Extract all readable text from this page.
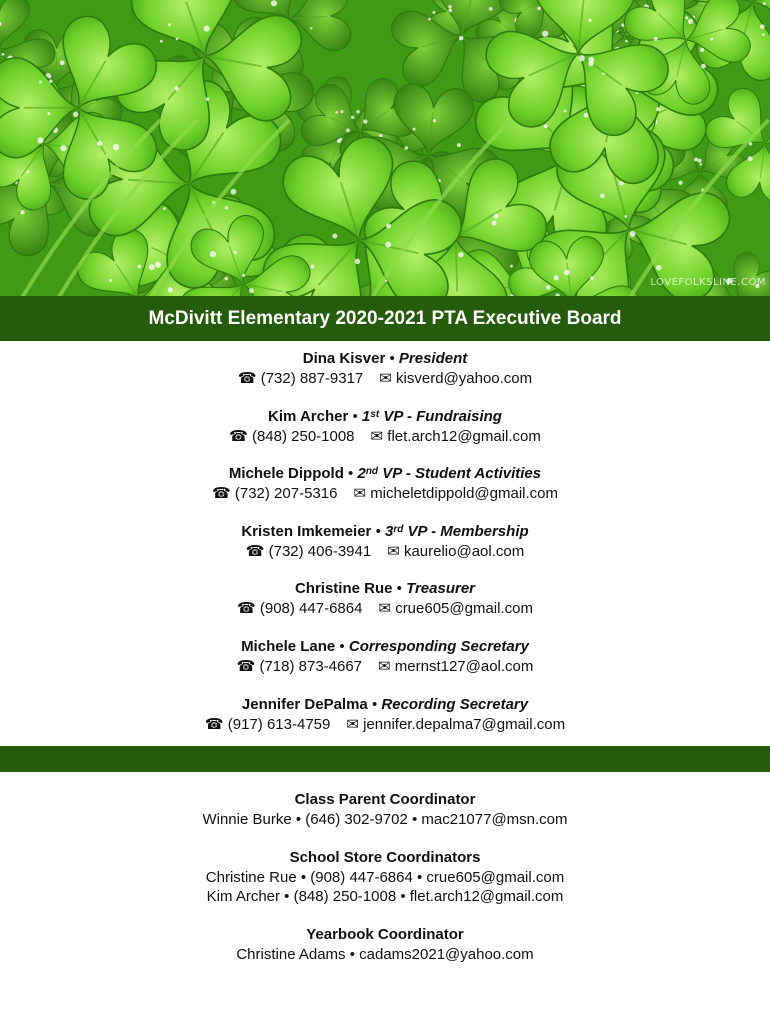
LOVEFOLKSLINE.COM
McDivitt Elementary 2020-2021 PTA Executive Board
Dina Kisver • President
☎ (732) 887-9317 ✉ kisverd@yahoo.com
Kim Archer • 1st VP - Fundraising
☎ (848) 250-1008 ✉ flet.arch12@gmail.com
Michele Dippold • 2nd VP - Student Activities
☎ (732) 207-5316 ✉ micheletdippold@gmail.com
Kristen Imkemeier • 3rd VP - Membership
☎ (732) 406-3941 ✉ kaurelio@aol.com
Christine Rue • Treasurer
☎ (908) 447-6864 ✉ crue605@gmail.com
Michele Lane • Corresponding Secretary
☎ (718) 873-4667 ✉ mernst127@aol.com
Jennifer DePalma • Recording Secretary
☎ (917) 613-4759 ✉ jennifer.depalma7@gmail.com
Class Parent Coordinator
Winnie Burke • (646) 302-9702 • mac21077@msn.com
School Store Coordinators
Christine Rue • (908) 447-6864 • crue605@gmail.com
Kim Archer • (848) 250-1008 • flet.arch12@gmail.com
Yearbook Coordinator
Christine Adams • cadams2021@yahoo.com
